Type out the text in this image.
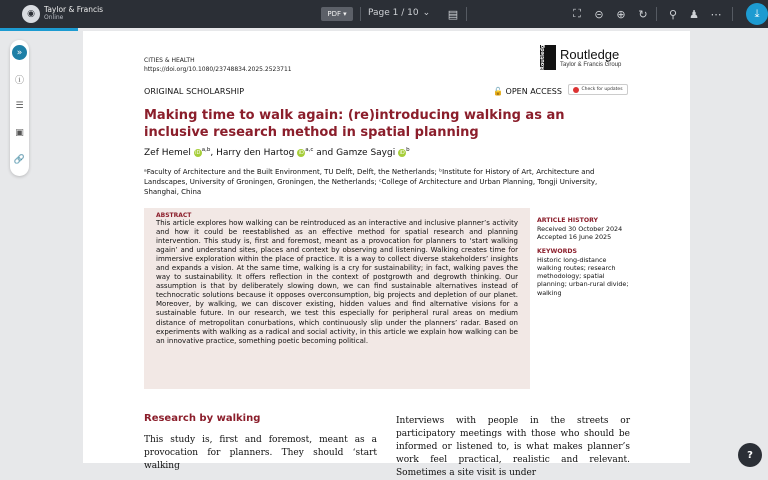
◉	Taylor & Francis
Online	PDF ▾ Page 1 / 10 ⌄ ▤	⛶	⊝	⊕	↻	⚲	♟ ⋯	⤓
»
ⓘ
☰
▣
🔗
CITIES & HEALTH
https://doi.org/10.1080/23748834.2025.2523711	Routledge	Routledge
Taylor & Francis Group
ORIGINAL SCHOLARSHIP	🔓 OPEN ACCESS	Check for updates
Making time to walk again: (re)introducing walking as an inclusive research method in spatial planning
Zef Hemel iD$^{a,b}$, Harry den Hartog iD$^{a,c}$ and Gamze Saygi $iD^b$
ᵃFaculty of Architecture and the Built Environment, TU Delft, Delft, the Netherlands; ᵇInstitute for History of Art, Architecture and Landscapes, University of Groningen, Groningen, the Netherlands; ᶜCollege of Architecture and Urban Planning, Tongji University, Shanghai, China
ABSTRACT
This article explores how walking can be reintroduced as an interactive and inclusive planner’s activity and how it could be reestablished as an effective method for spatial research and planning intervention. This study is, first and foremost, meant as a provocation for planners to ‘start walking again’ and understand sites, places and context by observing and listening. Walking creates time for immersive exploration within the place of practice. It is a way to collect diverse stakeholders’ insights and expands a vision. At the same time, walking is a cry for sustainability; in fact, walking paves the way to sustainability. It offers reflection in the context of postgrowth and degrowth thinking. Our assumption is that by deliberately slowing down, we can find sustainable alternatives instead of technocratic solutions because it opposes overconsumption, big projects and depletion of our planet. Moreover, by walking, we can discover existing, hidden values and find alternative visions for a sustainable future. In our research, we test this especially for peripheral rural areas on medium distance of metropolitan conurbations, which continuously slip under the planners’ radar. Based on experiments with walking as a radical and social activity, in this article we explain how walking can be an innovative practice, something poetic becoming political.
ARTICLE HISTORY
Received 30 October 2024
Accepted 16 June 2025
KEYWORDS
Historic long-distance walking routes; research methodology; spatial planning; urban-rural divide; walking
Research by walking
This study is, first and foremost, meant as a provocation for planners. They should ‘start walking
Interviews with people in the streets or participatory meetings with those who should be informed or listened to, is what makes planner’s work feel practical, realistic and relevant. Sometimes a site visit is under
?
